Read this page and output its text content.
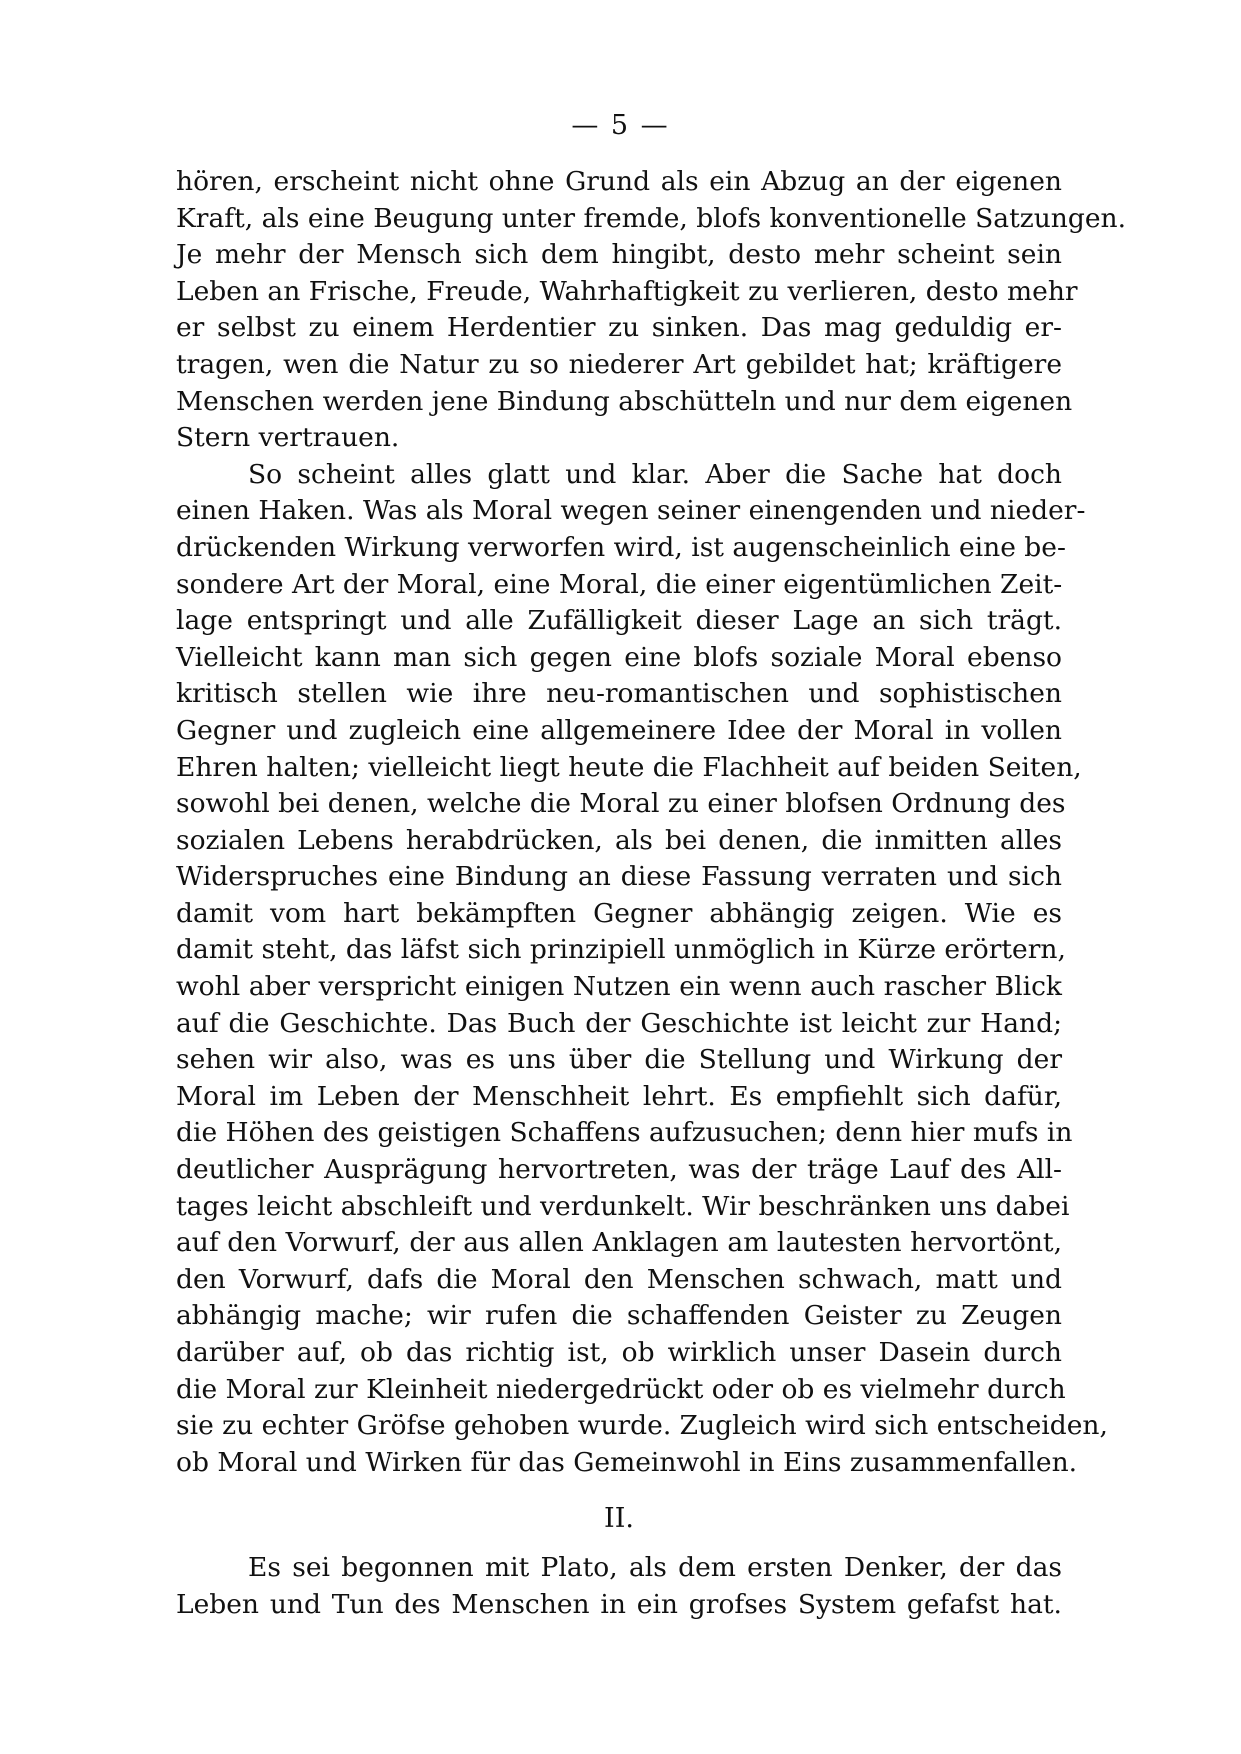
— 5 —
hören, erscheint nicht ohne Grund als ein Abzug an der eigenen
Kraft, als eine Beugung unter fremde, blofs konventionelle Satzungen.
Je mehr der Mensch sich dem hingibt, desto mehr scheint sein
Leben an Frische, Freude, Wahrhaftigkeit zu verlieren, desto mehr
er selbst zu einem Herdentier zu sinken. Das mag geduldig er-
tragen, wen die Natur zu so niederer Art gebildet hat; kräftigere
Menschen werden jene Bindung abschütteln und nur dem eigenen
Stern vertrauen.
So scheint alles glatt und klar. Aber die Sache hat doch
einen Haken. Was als Moral wegen seiner einengenden und nieder-
drückenden Wirkung verworfen wird, ist augenscheinlich eine be-
sondere Art der Moral, eine Moral, die einer eigentümlichen Zeit-
lage entspringt und alle Zufälligkeit dieser Lage an sich trägt.
Vielleicht kann man sich gegen eine blofs soziale Moral ebenso
kritisch stellen wie ihre neu-romantischen und sophistischen
Gegner und zugleich eine allgemeinere Idee der Moral in vollen
Ehren halten; vielleicht liegt heute die Flachheit auf beiden Seiten,
sowohl bei denen, welche die Moral zu einer blofsen Ordnung des
sozialen Lebens herabdrücken, als bei denen, die inmitten alles
Widerspruches eine Bindung an diese Fassung verraten und sich
damit vom hart bekämpften Gegner abhängig zeigen. Wie es
damit steht, das läfst sich prinzipiell unmöglich in Kürze erörtern,
wohl aber verspricht einigen Nutzen ein wenn auch rascher Blick
auf die Geschichte. Das Buch der Geschichte ist leicht zur Hand;
sehen wir also, was es uns über die Stellung und Wirkung der
Moral im Leben der Menschheit lehrt. Es empfiehlt sich dafür,
die Höhen des geistigen Schaffens aufzusuchen; denn hier mufs in
deutlicher Ausprägung hervortreten, was der träge Lauf des All-
tages leicht abschleift und verdunkelt. Wir beschränken uns dabei
auf den Vorwurf, der aus allen Anklagen am lautesten hervortönt,
den Vorwurf, dafs die Moral den Menschen schwach, matt und
abhängig mache; wir rufen die schaffenden Geister zu Zeugen
darüber auf, ob das richtig ist, ob wirklich unser Dasein durch
die Moral zur Kleinheit niedergedrückt oder ob es vielmehr durch
sie zu echter Gröfse gehoben wurde. Zugleich wird sich entscheiden,
ob Moral und Wirken für das Gemeinwohl in Eins zusammenfallen.
II.
Es sei begonnen mit Plato, als dem ersten Denker, der das
Leben und Tun des Menschen in ein grofses System gefafst hat.
